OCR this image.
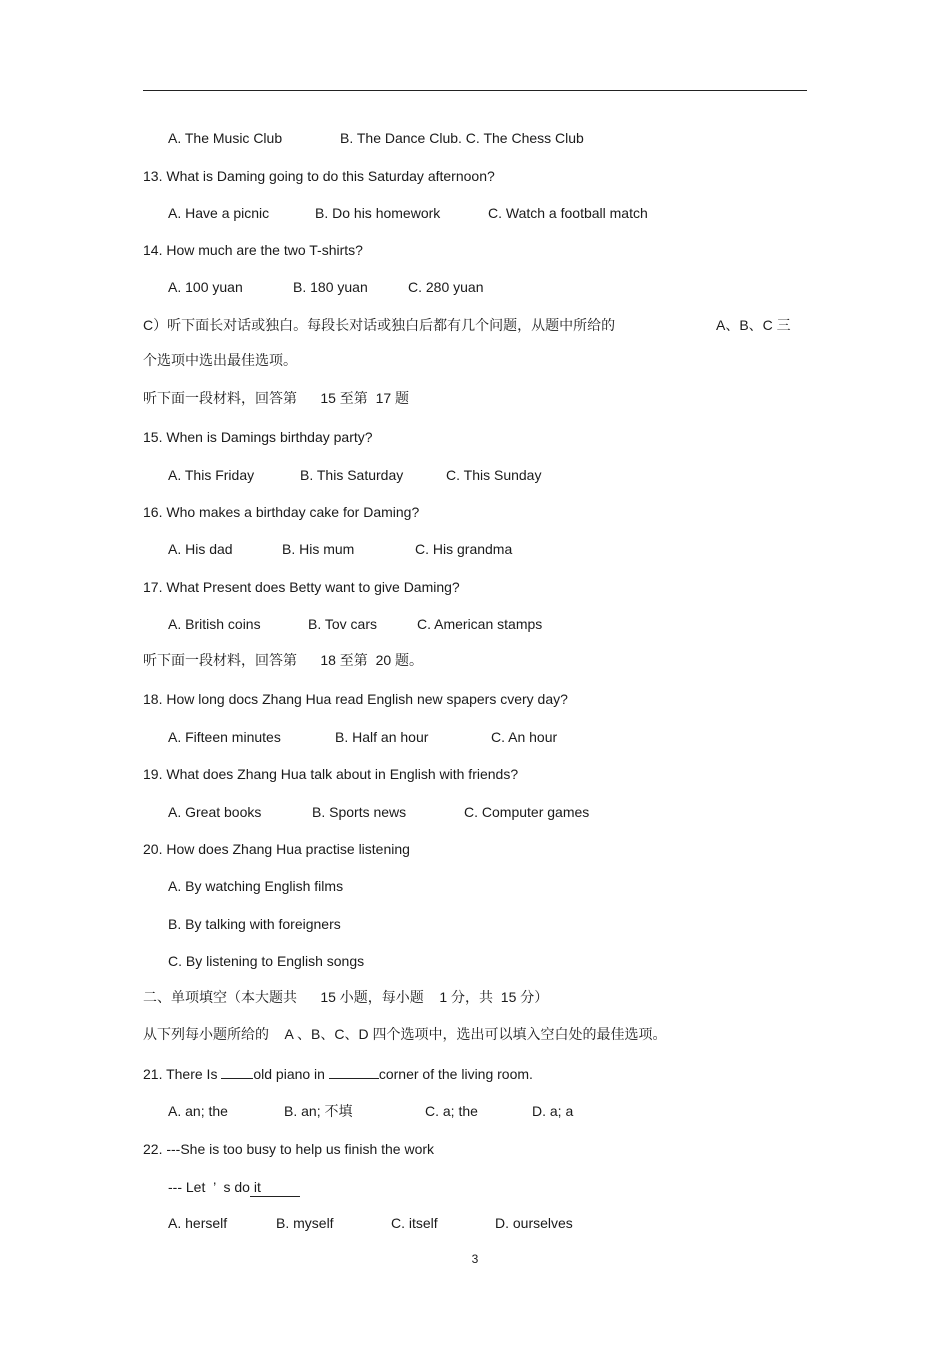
A. The Music Club	B. The Dance Club. C. The Chess Club
13. What is Daming going to do this Saturday afternoon?
A. Have a picnic	B. Do his homework	C. Watch a football match
14. How much are the two T-shirts?
A. 100 yuan	B. 180 yuan	C. 280 yuan
C）听下面长对话或独白。每段长对话或独白后都有几个问题，从题中所给的	A、B、C 三
个选项中选出最佳选项。
听下面一段材料，回答第      15 至第  17 题
15. When is Damings birthday party?
A. This Friday	B. This Saturday	C. This Sunday
16. Who makes a birthday cake for Daming?
A. His dad	B. His mum	C. His grandma
17. What Present does Betty want to give Daming?
A. British coins	B. Tov cars	C. American stamps
听下面一段材料，回答第      18 至第  20 题。
18. How long docs Zhang Hua read English new spapers cvery day?
A. Fifteen minutes	B. Half an hour	C. An hour
19. What does Zhang Hua talk about in English with friends?
A. Great books	B. Sports news	C. Computer games
20. How does Zhang Hua practise listening
A. By watching English films
B. By talking with foreigners
C. By listening to English songs
二、单项填空（本大题共      15 小题，每小题    1 分，共  15 分）
从下列每小题所给的    A 、B、C、D 四个选项中，选出可以填入空白处的最佳选项。
21. There Is old piano in	corner of the living room.
A. an; the	B. an; 不填	C. a; the	D. a; a
22. ---She is too busy to help us finish the work
--- Let  ’  s do it
A. herself	B. myself	C. itself	D. ourselves
3
